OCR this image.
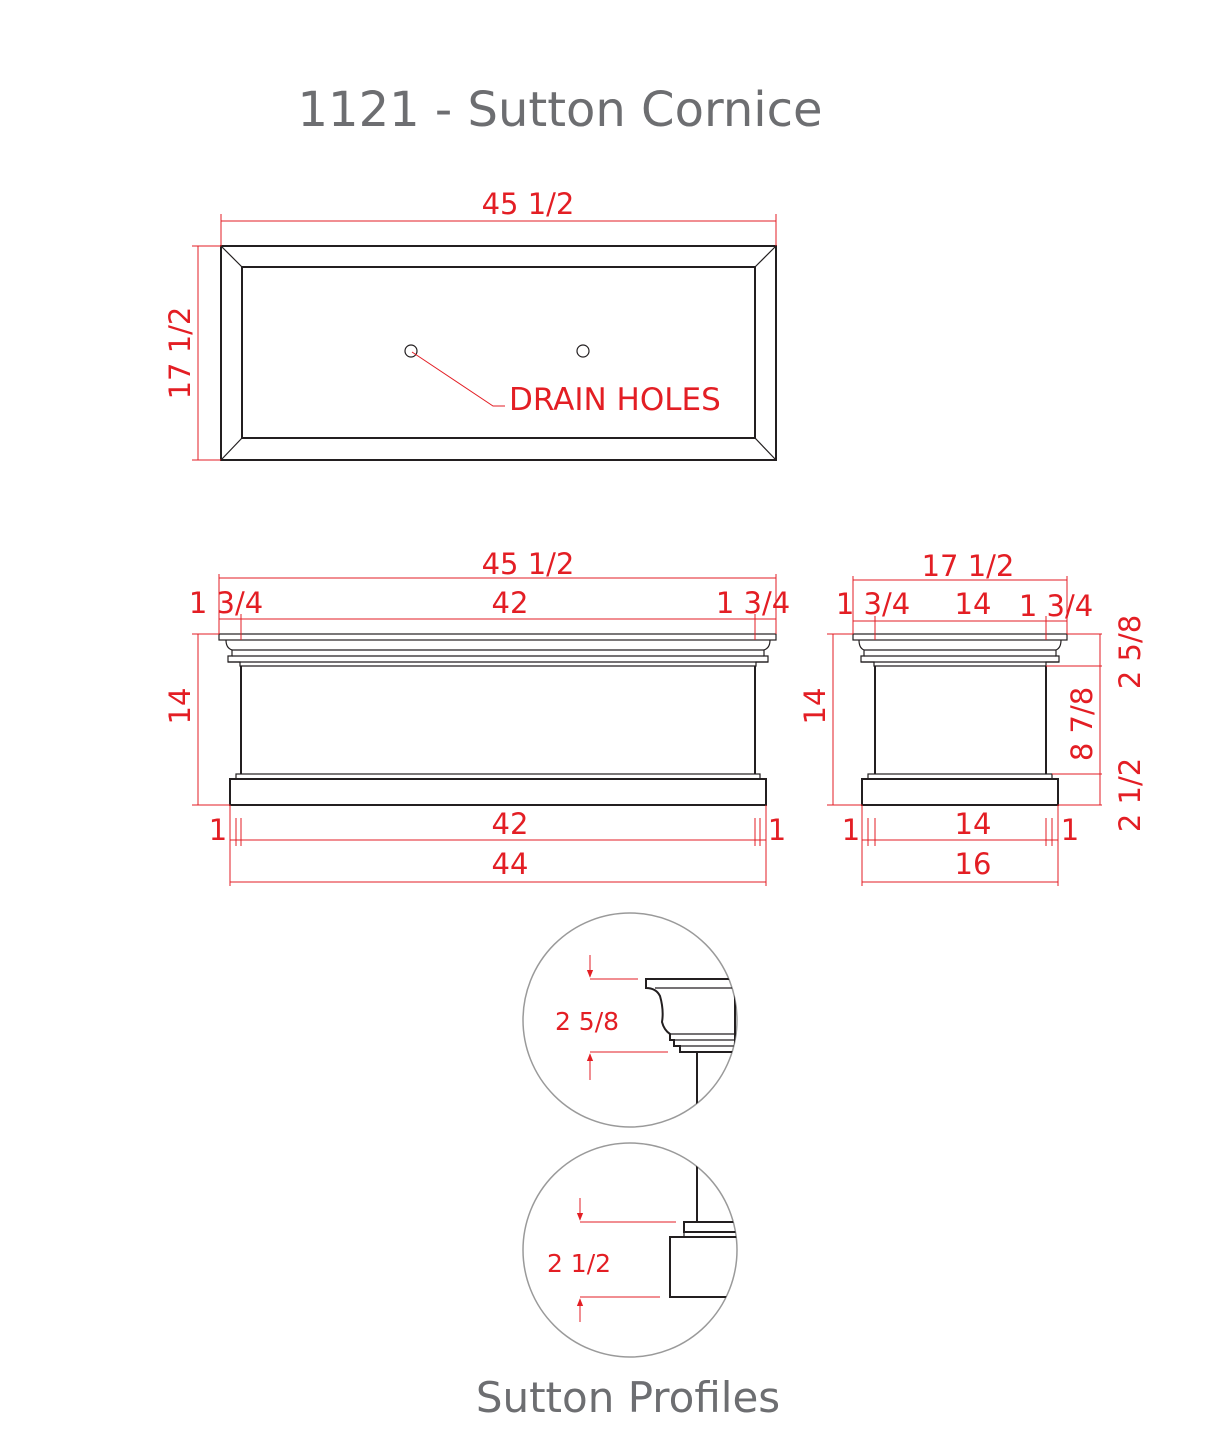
1121 - Sutton Cornice
DRAIN HOLES
45 1/2
17 1/2
45 1/2
1 3/4	42	1 3/4
14
1	42	1
44
17 1/2
1 3/4 14 1 3/4
14
2 5/8
8 7/8
2 1/2
1	14 1
16
2 5/8
2 1/2
Sutton Profiles
